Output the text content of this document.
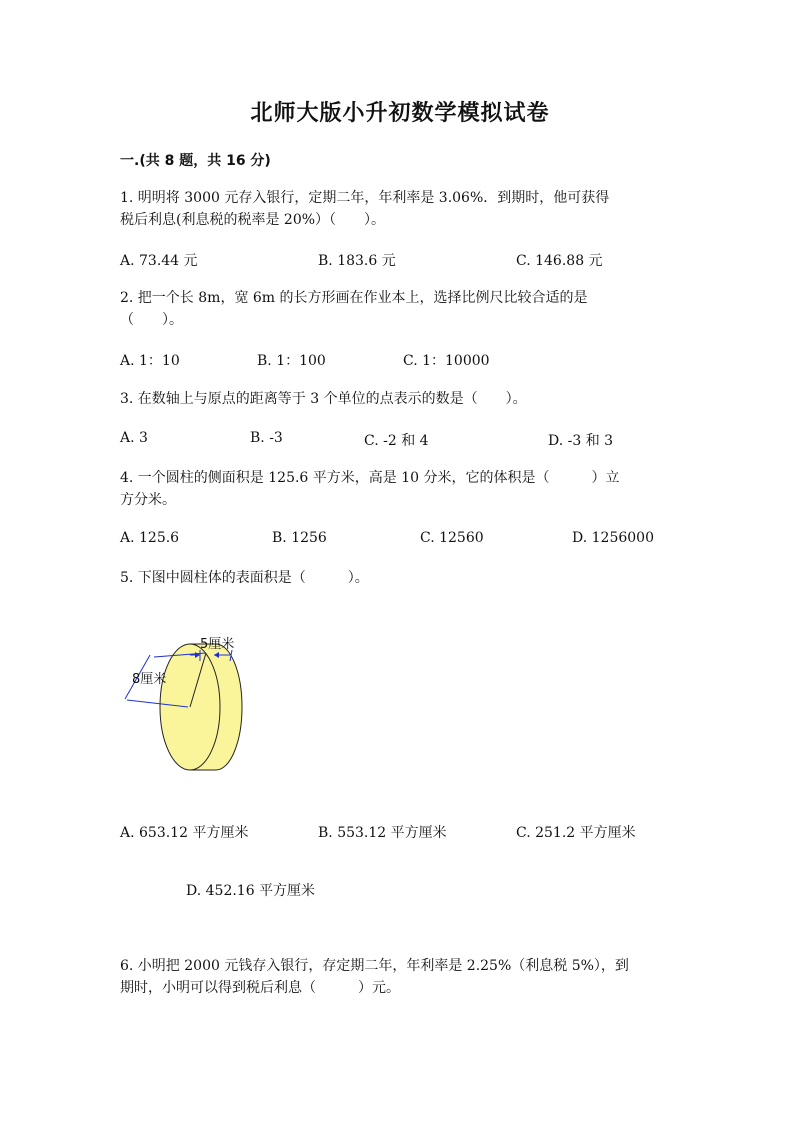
北师大版小升初数学模拟试卷
一.(共 8 题，共 16 分)
1. 明明将 3000 元存入银行，定期二年，年利率是 3.06%．到期时，他可获得
税后利息(利息税的税率是 20%）（　　）。
A. 73.44 元	B. 183.6 元	C. 146.88 元
2. 把一个长 8m，宽 6m 的长方形画在作业本上，选择比例尺比较合适的是
（　　）。
A. 1：10	B. 1：100	C. 1：10000
3. 在数轴上与原点的距离等于 3 个单位的点表示的数是（　　）。
A. 3	B. -3	C. -2 和 4	D. -3 和 3
4. 一个圆柱的侧面积是 125.6 平方米，高是 10 分米，它的体积是（　　　）立
方分米。
A. 125.6	B. 1256	C. 12560	D. 1256000
5. 下图中圆柱体的表面积是（　　　）。
5厘米
8厘米
A. 653.12 平方厘米	B. 553.12 平方厘米	C. 251.2 平方厘米
D. 452.16 平方厘米
6. 小明把 2000 元钱存入银行，存定期二年，年利率是 2.25%（利息税 5%），到
期时，小明可以得到税后利息（　　　）元。
